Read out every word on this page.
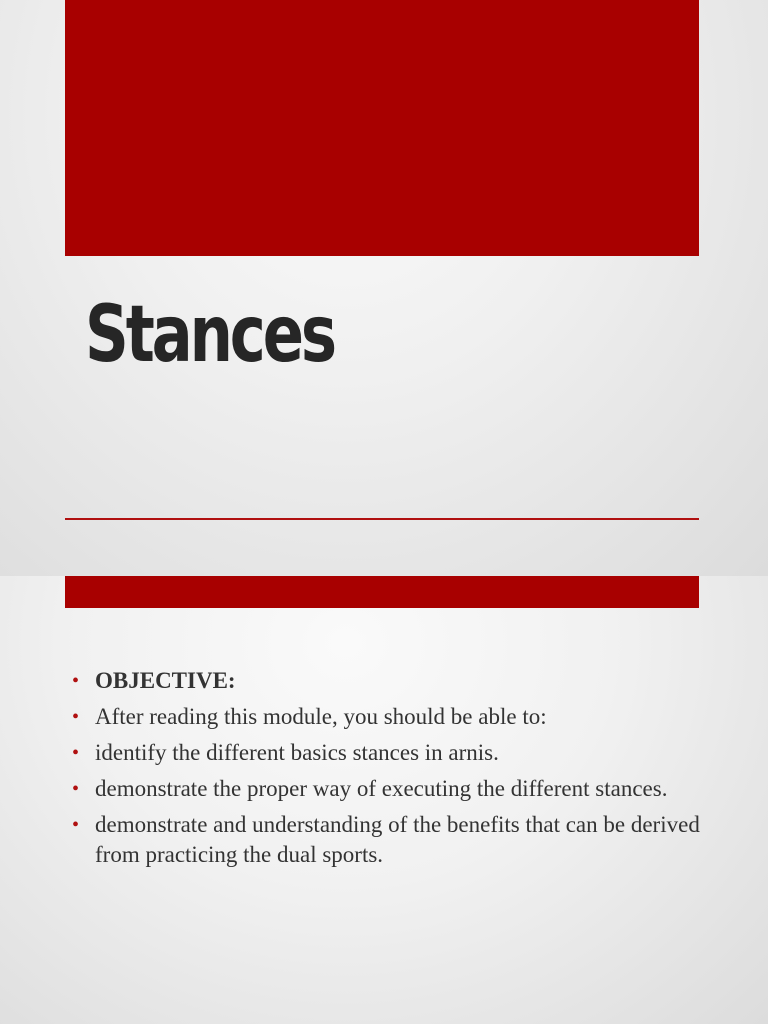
Stances
• OBJECTIVE:
• After reading this module, you should be able to:
• identify the different basics stances in arnis.
• demonstrate the proper way of executing the different stances.
• demonstrate and understanding of the benefits that can be derived from practicing the dual sports.
